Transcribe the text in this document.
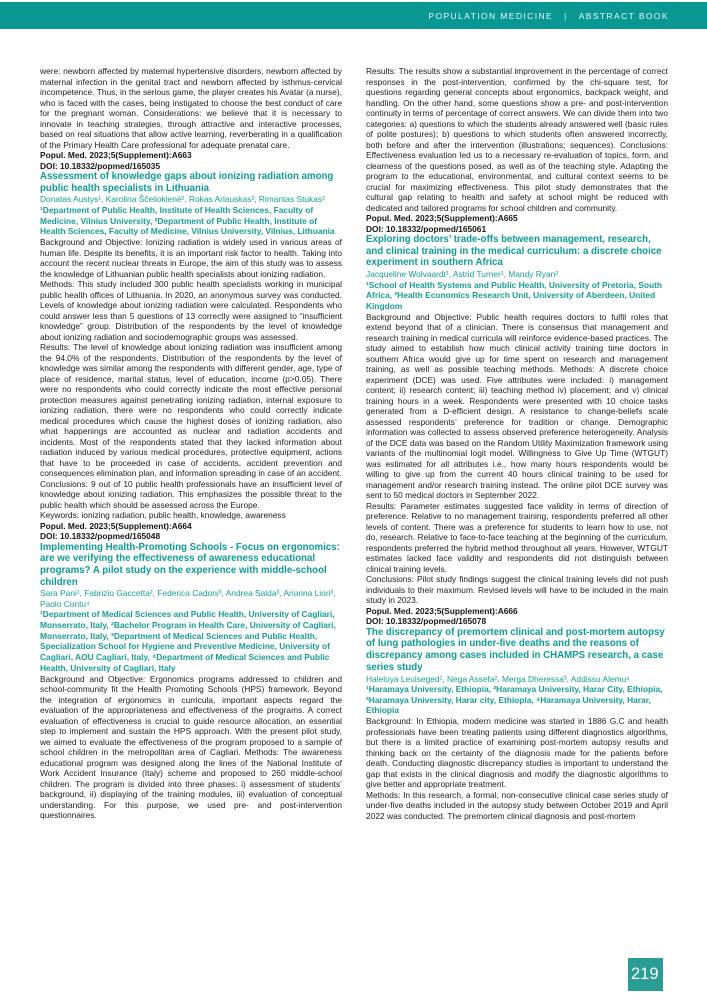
POPULATION MEDICINE | ABSTRACT BOOK

were: newborn affected by maternal hypertensive disorders, newborn affected by maternal infection in the genital tract and newborn affected by isthmus-cervical incompetence. Thus, in the serious game, the player creates his Avatar (a nurse), who is faced with the cases, being instigated to choose the best conduct of care for the pregnant woman. Considerations: we believe that it is necessary to innovate in teaching strategies, through attractive and interactive processes, based on real situations that allow active learning, reverberating in a qualification of the Primary Health Care professional for adequate prenatal care.

Popul. Med. 2023;5(Supplement):A663

DOI: 10.18332/popmed/165035

Assessment of knowledge gaps about ionizing radiation among public health specialists in Lithuania

Donatas Austys¹, Karolina Ščeliokienė², Rokas Arlauskas², Rimantas Stukas²

¹Department of Public Health, Institute of Health Sciences, Faculty of Medicine, Vilnius University, ²Department of Public Health, Institute of Health Sciences, Faculty of Medicine, Vilnius University, Vilnius, Lithuania

Background and Objective: Ionizing radiation is widely used in various areas of human life. Despite its benefits, it is an important risk factor to health. Taking into account the recent nuclear threats in Europe, the aim of this study was to assess the knowledge of Lithuanian public health specialists about ionizing radiation.

Methods: This study included 300 public health specialists working in municipal public health offices of Lithuania. In 2020, an anonymous survey was conducted. Levels of knowledge about ionizing radiation were calculated. Respondents who could answer less than 5 questions of 13 correctly were assigned to “insufficient knowledge” group. Distribution of the respondents by the level of knowledge about ionizing radiation and sociodemographic groups was assessed.

Results: The level of knowledge about ionizing radiation was insufficient among the 94.0% of the respondents. Distribution of the respondents by the level of knowledge was similar among the respondents with different gender, age, type of place of residence, marital status, level of education, income (p>0.05). There were no respondents who could correctly indicate the most effective personal protection measures against penetrating ionizing radiation, internal exposure to ionizing radiation, there were no respondents who could correctly indicate medical procedures which cause the highest doses of ionizing radiation, also what happenings are accounted as nuclear and radiation accidents and incidents. Most of the respondents stated that they lacked information about radiation induced by various medical procedures, protective equipment, actions that have to be proceeded in case of accidents, accident prevention and consequences elimination plan, and information spreading in case of an accident.

Conclusions: 9 out of 10 public health professionals have an insufficient level of knowledge about ionizing radiation. This emphasizes the possible threat to the public health which should be assessed across the Europe.

Keywords: ionizing radiation, public health, knowledge, awareness

Popul. Med. 2023;5(Supplement):A664

DOI: 10.18332/popmed/165048

Implementing Health-Promoting Schools - Focus on ergonomics: are we verifying the effectiveness of awareness educational programs? A pilot study on the experience with middle-school children

Sara Pani¹, Fabrizio Gaccetta², Federica Cadoni³, Andrea Salda³, Arianna Liori³, Paolo Contu⁴

¹Department of Medical Sciences and Public Health, University of Cagliari, Monserrato, Italy, ²Bachelor Program in Health Care, University of Cagliari, Monserrato, Italy, ³Department of Medical Sciences and Public Health, Specialization School for Hygiene and Preventive Medicine, University of Cagliari, AOU Cagliari, Italy, ⁴Department of Medical Sciences and Public Health, University of Cagliari, Italy

Background and Objective: Ergonomics programs addressed to children and school-community fit the Health Promoting Schools (HPS) framework. Beyond the integration of ergonomics in curricula, important aspects regard the evaluation of the appropriateness and effectiveness of the programs. A correct evaluation of effectiveness is crucial to guide resource allocation, an essential step to implement and sustain the HPS approach. With the present pilot study, we aimed to evaluate the effectiveness of the program proposed to a sample of school children in the metropolitan area of Cagliari. Methods: The awareness educational program was designed along the lines of the National Institute of Work Accident Insurance (Italy) scheme and proposed to 260 middle-school children. The program is divided into three phases: i) assessment of students’ background, ii) displaying of the training modules, iii) evaluation of conceptual understanding. For this purpose, we used pre- and post-intervention questionnaires.

Results: The results show a substantial improvement in the percentage of correct responses in the post-intervention, confirmed by the chi-square test, for questions regarding general concepts about ergonomics, backpack weight, and handling. On the other hand, some questions show a pre- and post-intervention continuity in terms of percentage of correct answers. We can divide them into two categories: a) questions to which the students already answered well (basic rules of polite postures); b) questions to which students often answered incorrectly, both before and after the intervention (illustrations; sequences). Conclusions: Effectiveness evaluation led us to a necessary re-evaluation of topics, form, and clearness of the questions posed, as well as of the teaching style. Adapting the program to the educational, environmental, and cultural context seems to be crucial for maximizing effectiveness. This pilot study demonstrates that the cultural gap relating to health and safety at school might be reduced with dedicated and tailored programs for school children and community.

Popul. Med. 2023;5(Supplement):A665

DOI: 10.18332/popmed/165061

Exploring doctors’ trade-offs between management, research, and clinical training in the medical curriculum: a discrete choice experiment in southern Africa

Jacqueline Wolvaardt¹, Astrid Turner¹, Mandy Ryan²

¹School of Health Systems and Public Health, University of Pretoria, South Africa, ²Health Economics Research Unit, University of Aberdeen, United Kingdom

Background and Objective: Public health requires doctors to fulfil roles that extend beyond that of a clinician. There is consensus that management and research training in medical curricula will reinforce evidence-based practices. The study aimed to establish how much clinical activity training time doctors in southern Africa would give up for time spent on research and management training, as well as possible teaching methods. Methods: A discrete choice experiment (DCE) was used. Five attributes were included: i) management content; ii) research content; iii) teaching method iv) placement; and v) clinical training hours in a week. Respondents were presented with 10 choice tasks generated from a D-efficient design. A resistance to change-beliefs scale assessed respondents’ preference for tradition or change. Demographic information was collected to assess observed preference heterogeneity. Analysis of the DCE data was based on the Random Utility Maximization framework using variants of the multinomial logit model. Willingness to Give Up Time (WTGUT) was estimated for all attributes i.e., how many hours respondents would be willing to give up from the current 40 hours clinical training to be used for management and/or research training instead. The online pilot DCE survey was sent to 50 medical doctors in September 2022.

Results: Parameter estimates suggested face validity in terms of direction of preference. Relative to no management training, respondents preferred all other levels of content. There was a preference for students to learn how to use, not do, research. Relative to face-to-face teaching at the beginning of the curriculum, respondents preferred the hybrid method throughout all years. However, WTGUT estimates lacked face validity and respondents did not distinguish between clinical training levels.

Conclusions: Pilot study findings suggest the clinical training levels did not push individuals to their maximum. Revised levels will have to be included in the main study in 2023.

Popul. Med. 2023;5(Supplement):A666

DOI: 10.18332/popmed/165078

The discrepancy of premortem clinical and post-mortem autopsy of lung pathologies in under-five deaths and the reasons of discrepancy among cases included in CHAMPS research, a case series study

Haleluya Leulseged¹, Nega Assefa², Merga Dheressa³, Addissu Alemu⁴

¹Haramaya University, Ethiopia, ²Haramaya University, Harar City, Ethiopia, ³Haramaya University, Harar city, Ethiopia, ⁴Haramaya University, Harar, Ethiopia

Background: In Ethiopia, modern medicine was started in 1886 G.C and health professionals have been treating patients using different diagnostics algorithms, but there is a limited practice of examining post-mortem autopsy results and thinking back on the certainty of the diagnosis made for the patients before death. Conducting diagnostic discrepancy studies is important to understand the gap that exists in the clinical diagnosis and modify the diagnostic algorithms to give better and appropriate treatment.

Methods: In this research, a formal, non-consecutive clinical case series study of under-five deaths included in the autopsy study between October 2019 and April 2022 was conducted. The premortem clinical diagnosis and post-mortem

219
